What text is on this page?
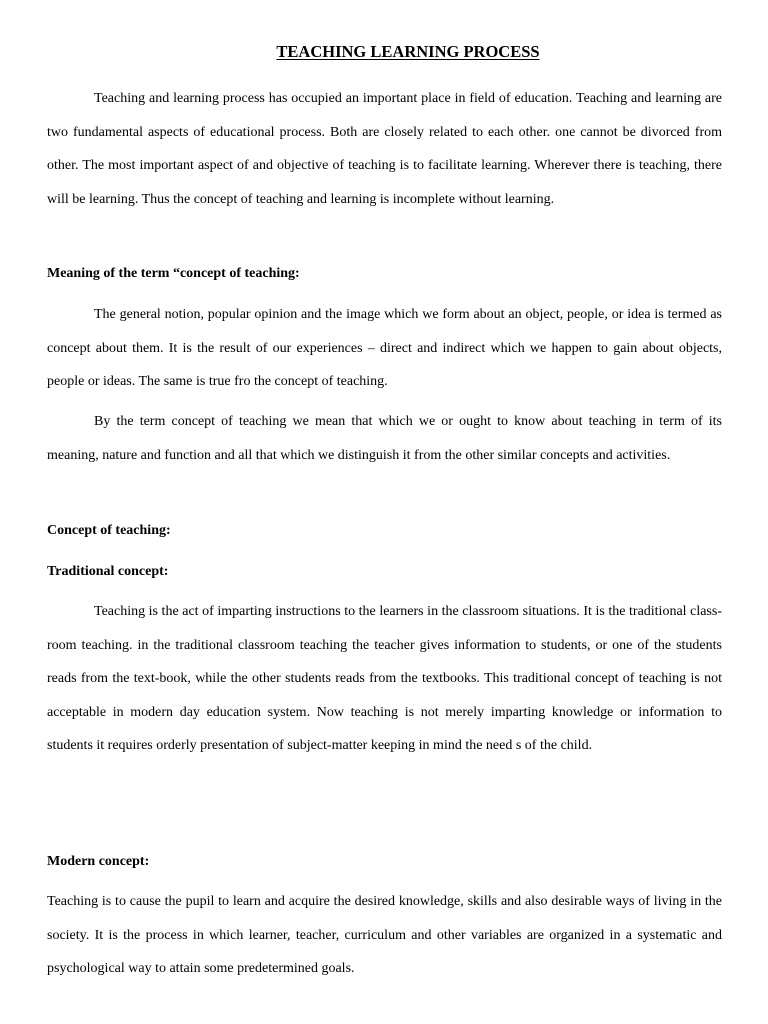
TEACHING LEARNING PROCESS

Teaching and learning process has occupied an important place in field of education. Teaching and learning are two fundamental aspects of educational process. Both are closely related to each other. one cannot be divorced from other. The most important aspect of and objective of teaching is to facilitate learning. Wherever there is teaching, there will be learning. Thus the concept of teaching and learning is incomplete without learning.

Meaning of the term “concept of teaching:

The general notion, popular opinion and the image which we form about an object, people, or idea is termed as concept about them. It is the result of our experiences – direct and indirect which we happen to gain about objects, people or ideas. The same is true fro the concept of teaching.

By the term concept of teaching we mean that which we or ought to know about teaching in term of its meaning, nature and function and all that which we distinguish it from the other similar concepts and activities.

Concept of teaching:

Traditional concept:

Teaching is the act of imparting instructions to the learners in the classroom situations. It is the traditional class-room teaching. in the traditional classroom teaching the teacher gives information to students, or one of the students reads from the text-book, while the other students reads from the textbooks. This traditional concept of teaching is not acceptable in modern day education system. Now teaching is not merely imparting knowledge or information to students it requires orderly presentation of subject-matter keeping in mind the need s of the child.

Modern concept:

Teaching is to cause the pupil to learn and acquire the desired knowledge, skills and also desirable ways of living in the society. It is the process in which learner, teacher, curriculum and other variables are organized in a systematic and psychological way to attain some predetermined goals.
